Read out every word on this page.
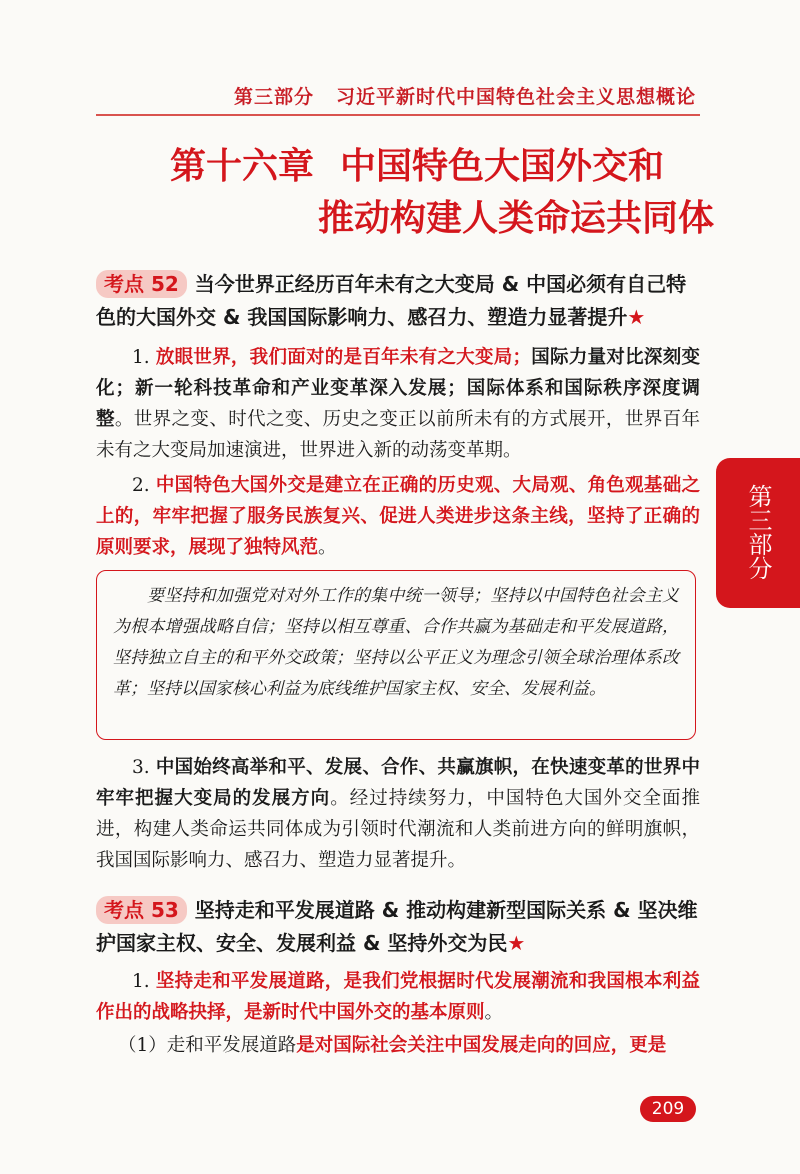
第三部分 习近平新时代中国特色社会主义思想概论
第十六章 中国特色大国外交和
推动构建人类命运共同体
考点 52 当今世界正经历百年未有之大变局 & 中国必须有自己特色的大国外交 & 我国国际影响力、感召力、塑造力显著提升★
1. 放眼世界，我们面对的是百年未有之大变局；国际力量对比深刻变化；新一轮科技革命和产业变革深入发展；国际体系和国际秩序深度调整。世界之变、时代之变、历史之变正以前所未有的方式展开，世界百年未有之大变局加速演进，世界进入新的动荡变革期。
2. 中国特色大国外交是建立在正确的历史观、大局观、角色观基础之上的，牢牢把握了服务民族复兴、促进人类进步这条主线，坚持了正确的原则要求，展现了独特风范。
要坚持和加强党对对外工作的集中统一领导；坚持以中国特色社会主义为根本增强战略自信；坚持以相互尊重、合作共赢为基础走和平发展道路，坚持独立自主的和平外交政策；坚持以公平正义为理念引领全球治理体系改革；坚持以国家核心利益为底线维护国家主权、安全、发展利益。
3. 中国始终高举和平、发展、合作、共赢旗帜，在快速变革的世界中牢牢把握大变局的发展方向。经过持续努力，中国特色大国外交全面推进，构建人类命运共同体成为引领时代潮流和人类前进方向的鲜明旗帜，我国国际影响力、感召力、塑造力显著提升。
考点 53 坚持走和平发展道路 & 推动构建新型国际关系 & 坚决维护国家主权、安全、发展利益 & 坚持外交为民★
1. 坚持走和平发展道路，是我们党根据时代发展潮流和我国根本利益作出的战略抉择，是新时代中国外交的基本原则。
（1）走和平发展道路是对国际社会关注中国发展走向的回应，更是
第三部分
209
